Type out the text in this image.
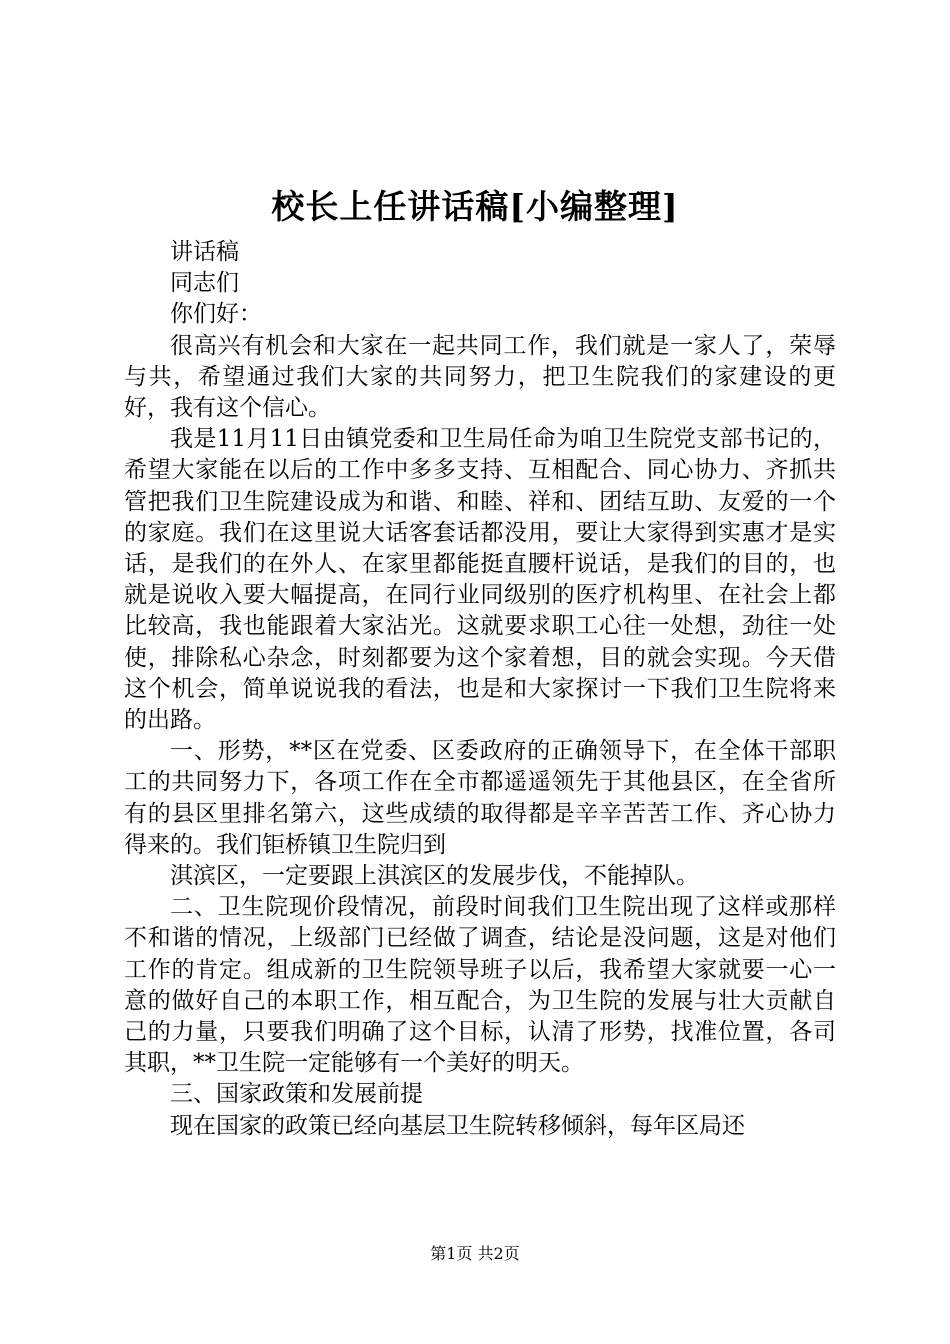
校长上任讲话稿[小编整理]

讲话稿

同志们

你们好：

很高兴有机会和大家在一起共同工作，我们就是一家人了，荣辱与共，希望通过我们大家的共同努力，把卫生院我们的家建设的更好，我有这个信心。

我是11月11日由镇党委和卫生局任命为咱卫生院党支部书记的，希望大家能在以后的工作中多多支持、互相配合、同心协力、齐抓共管把我们卫生院建设成为和谐、和睦、祥和、团结互助、友爱的一个的家庭。我们在这里说大话客套话都没用，要让大家得到实惠才是实话，是我们的在外人、在家里都能挺直腰杆说话，是我们的目的，也就是说收入要大幅提高，在同行业同级别的医疗机构里、在社会上都比较高，我也能跟着大家沾光。这就要求职工心往一处想，劲往一处使，排除私心杂念，时刻都要为这个家着想，目的就会实现。今天借这个机会，简单说说我的看法，也是和大家探讨一下我们卫生院将来的出路。

一、形势，**区在党委、区委政府的正确领导下，在全体干部职工的共同努力下，各项工作在全市都遥遥领先于其他县区，在全省所有的县区里排名第六，这些成绩的取得都是辛辛苦苦工作、齐心协力得来的。我们钜桥镇卫生院归到

淇滨区，一定要跟上淇滨区的发展步伐，不能掉队。

二、卫生院现价段情况，前段时间我们卫生院出现了这样或那样不和谐的情况，上级部门已经做了调查，结论是没问题，这是对他们工作的肯定。组成新的卫生院领导班子以后，我希望大家就要一心一意的做好自己的本职工作，相互配合，为卫生院的发展与壮大贡献自己的力量，只要我们明确了这个目标，认清了形势，找准位置，各司其职，**卫生院一定能够有一个美好的明天。

三、国家政策和发展前提

现在国家的政策已经向基层卫生院转移倾斜，每年区局还

第1页 共2页
